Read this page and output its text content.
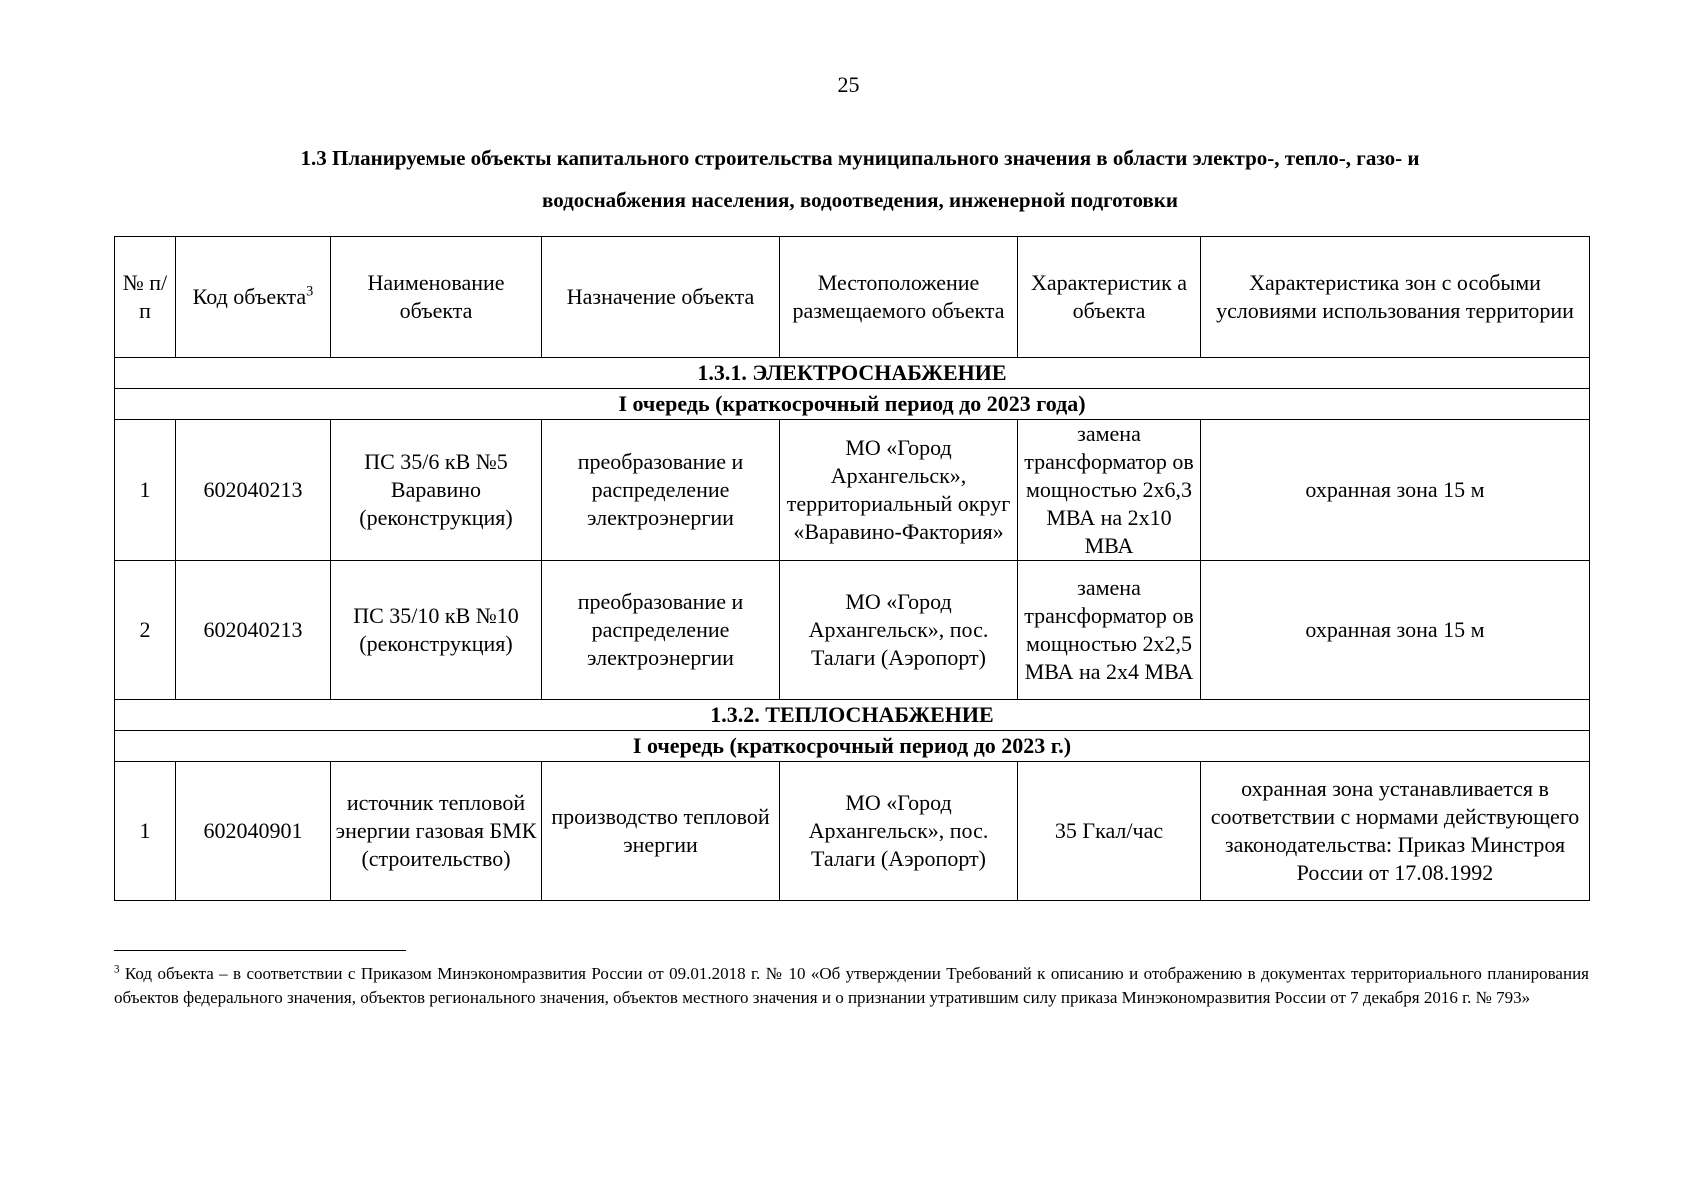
25
1.3 Планируемые объекты капитального строительства муниципального значения в области электро-, тепло-, газо- и
водоснабжения населения, водоотведения, инженерной подготовки
№ п/п	Код объекта$^3$	Наименование объекта	Назначение объекта	Местоположение размещаемого объекта	Характеристик а объекта	Характеристика зон с особыми условиями использования территории
1.3.1. ЭЛЕКТРОСНАБЖЕНИЕ						
I очередь (краткосрочный период до 2023 года)						
1	602040213	ПС 35/6 кВ №5 Варавино (реконструкция)	преобразование и распределение электроэнергии	МО «Город Архангельск», территориальный округ «Варавино-Фактория»	замена трансформатор ов мощностью 2x6,3 МВА на 2x10 МВА	охранная зона 15 м
2	602040213	ПС 35/10 кВ №10 (реконструкция)	преобразование и распределение электроэнергии	МО «Город Архангельск», пос. Талаги (Аэропорт)	замена трансформатор ов мощностью 2x2,5 МВА на 2x4 МВА	охранная зона 15 м
1.3.2. ТЕПЛОСНАБЖЕНИЕ						
I очередь (краткосрочный период до 2023 г.)						
1	602040901	источник тепловой энергии газовая БМК (строительство)	производство тепловой энергии	МО «Город Архангельск», пос. Талаги (Аэропорт)	35 Гкал/час	охранная зона устанавливается в соответствии с нормами действующего законодательства: Приказ Минстроя России от 17.08.1992
$^3$ Код объекта – в соответствии с Приказом Минэкономразвития России от 09.01.2018 г. № 10 «Об утверждении Требований к описанию и отображению в документах территориального планирования объектов федерального значения, объектов регионального значения, объектов местного значения и о признании утратившим силу приказа Минэкономразвития России от 7 декабря 2016 г. № 793»
